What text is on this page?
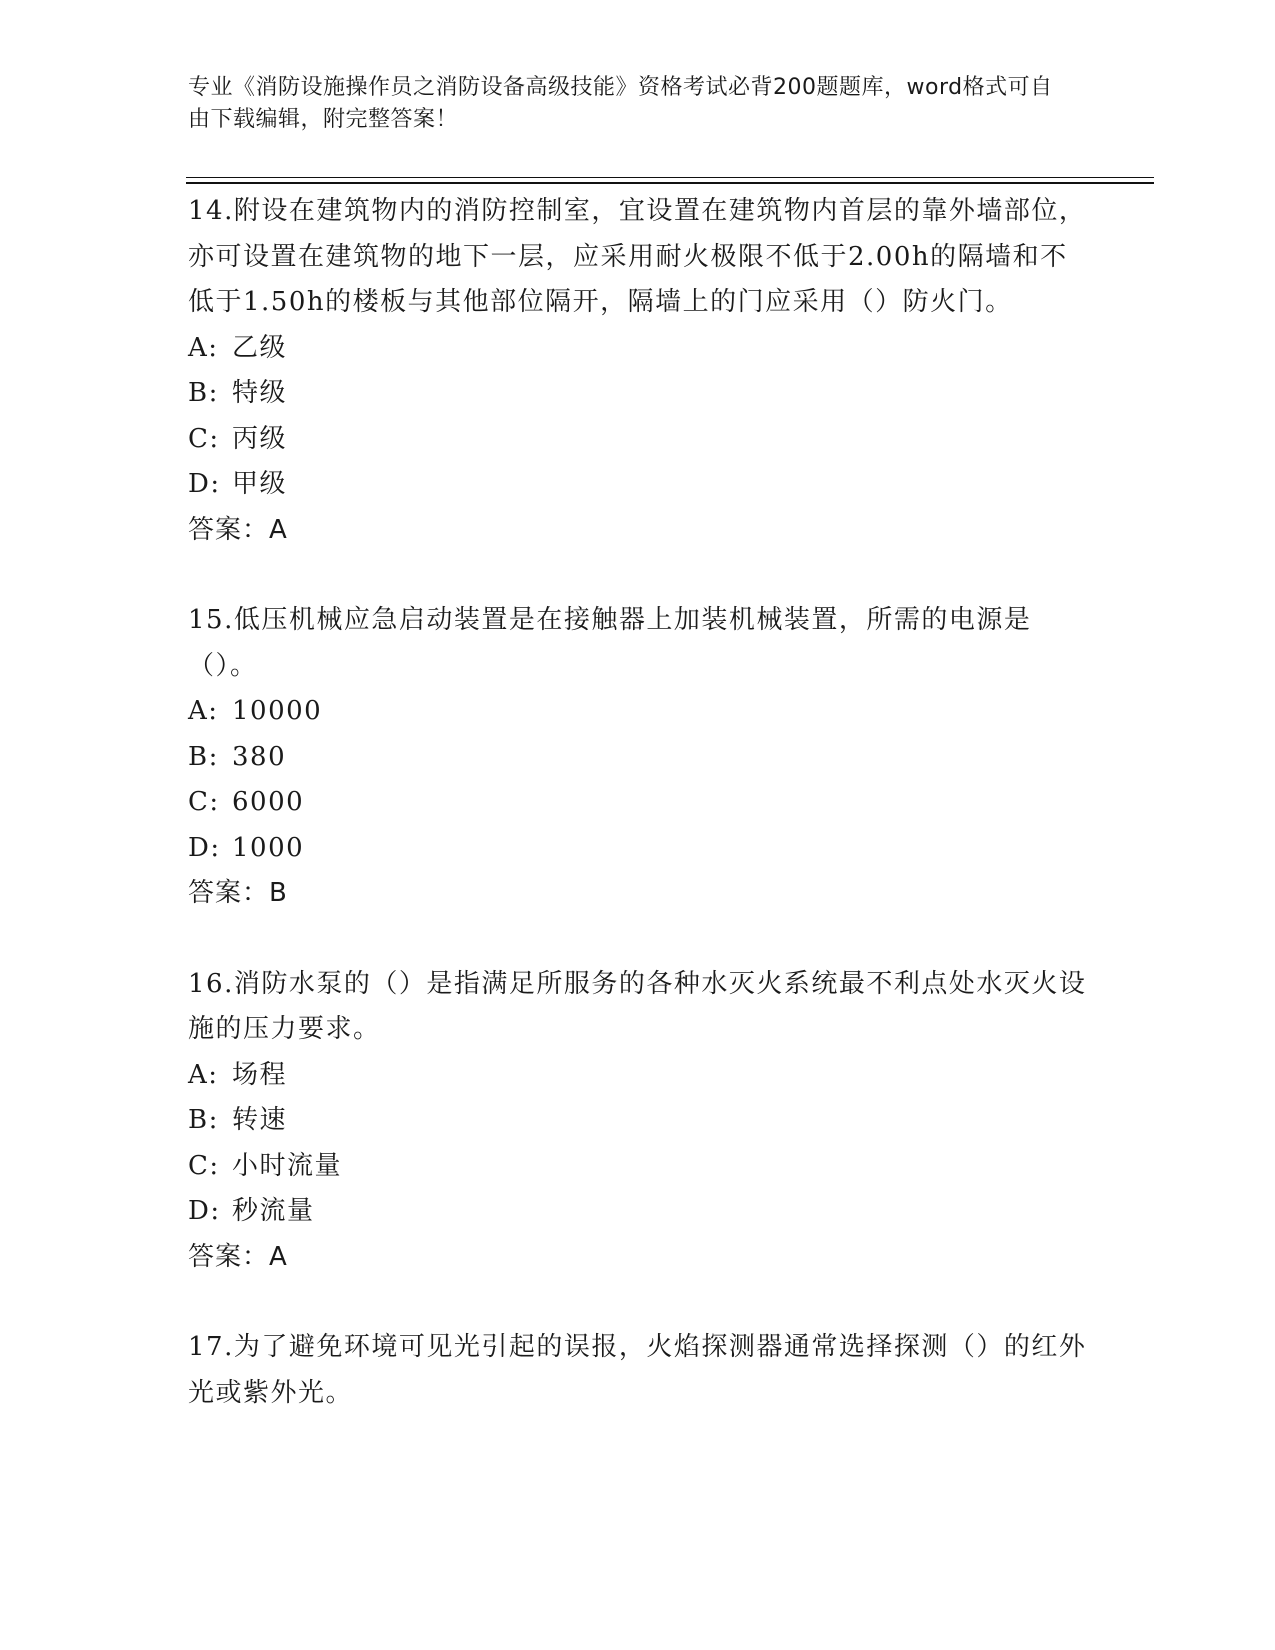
专业《消防设施操作员之消防设备高级技能》资格考试必背200题题库，word格式可自由下载编辑，附完整答案！
14.附设在建筑物内的消防控制室，宜设置在建筑物内首层的靠外墙部位，亦可设置在建筑物的地下一层，应采用耐火极限不低于2.00h的隔墙和不低于1.50h的楼板与其他部位隔开，隔墙上的门应采用（）防火门。
A: 乙级
B: 特级
C: 丙级
D: 甲级
答案：A
15.低压机械应急启动装置是在接触器上加装机械装置，所需的电源是（）。
A: 10000
B: 380
C: 6000
D: 1000
答案：B
16.消防水泵的（）是指满足所服务的各种水灭火系统最不利点处水灭火设施的压力要求。
A: 场程
B: 转速
C: 小时流量
D: 秒流量
答案：A
17.为了避免环境可见光引起的误报，火焰探测器通常选择探测（）的红外光或紫外光。
